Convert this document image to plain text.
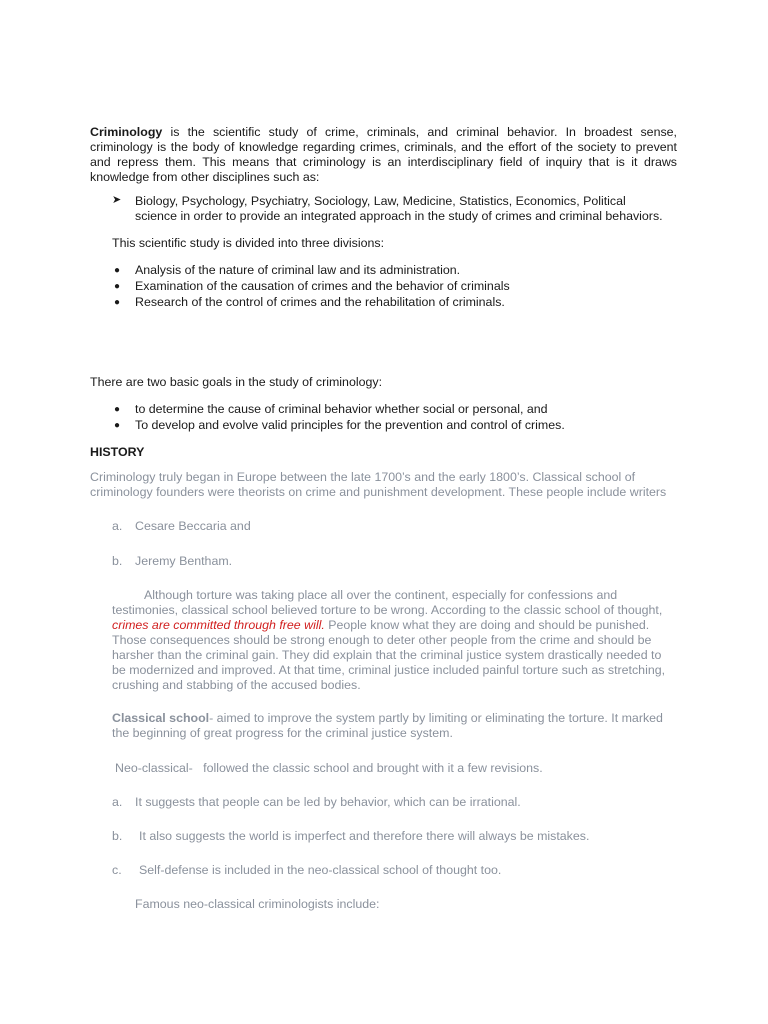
Criminology is the scientific study of crime, criminals, and criminal behavior. In broadest sense,
criminology is the body of knowledge regarding crimes, criminals, and the effort of the society to prevent
and repress them. This means that criminology is an interdisciplinary field of inquiry that is it draws
knowledge from other disciplines such as:
➤ Biology, Psychology, Psychiatry, Sociology, Law, Medicine, Statistics, Economics, Political
science in order to provide an integrated approach in the study of crimes and criminal behaviors.
This scientific study is divided into three divisions:
● Analysis of the nature of criminal law and its administration.
● Examination of the causation of crimes and the behavior of criminals
● Research of the control of crimes and the rehabilitation of criminals.
There are two basic goals in the study of criminology:
● to determine the cause of criminal behavior whether social or personal, and
● To develop and evolve valid principles for the prevention and control of crimes.
HISTORY
Criminology truly began in Europe between the late 1700’s and the early 1800’s. Classical school of
criminology founders were theorists on crime and punishment development. These people include writers
a. Cesare Beccaria and
b. Jeremy Bentham.
Although torture was taking place all over the continent, especially for confessions and
testimonies, classical school believed torture to be wrong. According to the classic school of thought,
crimes are committed through free will. People know what they are doing and should be punished.
Those consequences should be strong enough to deter other people from the crime and should be
harsher than the criminal gain. They did explain that the criminal justice system drastically needed to
be modernized and improved. At that time, criminal justice included painful torture such as stretching,
crushing and stabbing of the accused bodies.
Classical school- aimed to improve the system partly by limiting or eliminating the torture. It marked
the beginning of great progress for the criminal justice system.
Neo-classical-   followed the classic school and brought with it a few revisions.
a. It suggests that people can be led by behavior, which can be irrational.
b. It also suggests the world is imperfect and therefore there will always be mistakes.
c. Self-defense is included in the neo-classical school of thought too.
Famous neo-classical criminologists include:
